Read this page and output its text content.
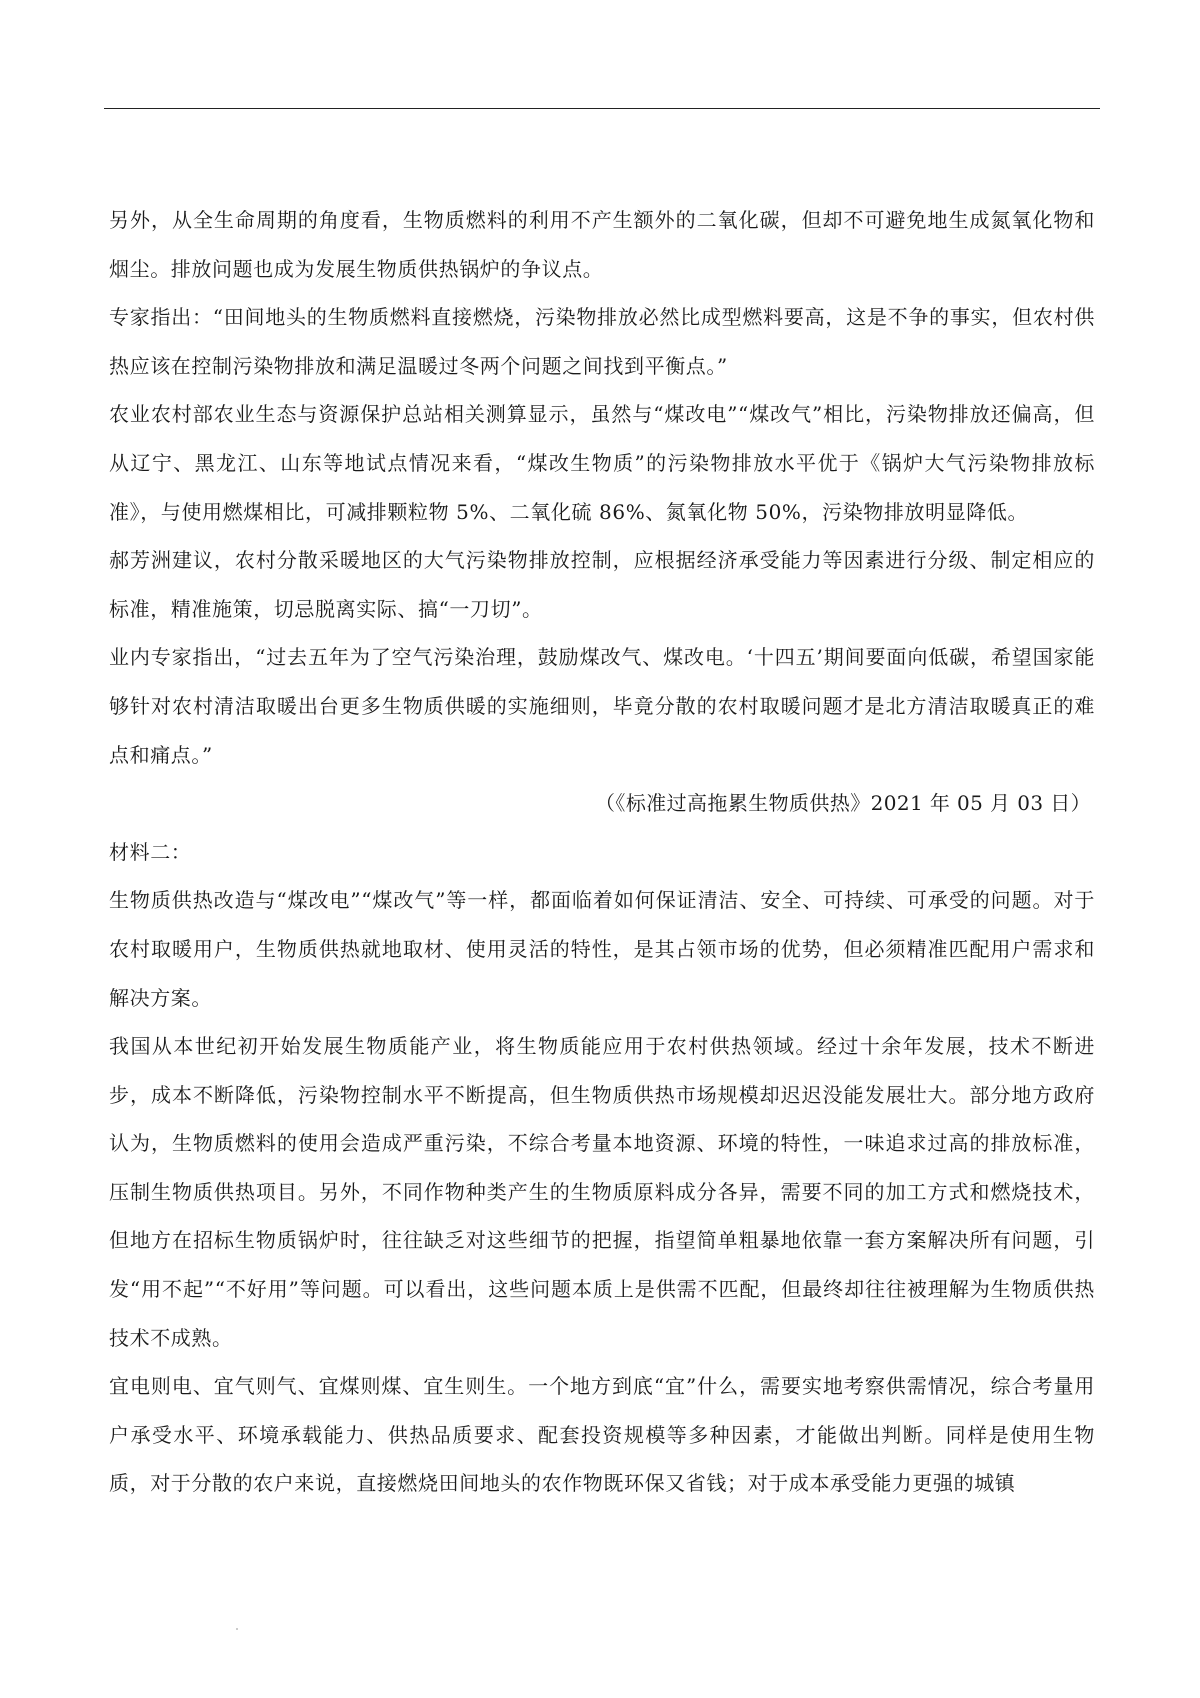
另外，从全生命周期的角度看，生物质燃料的利用不产生额外的二氧化碳，但却不可避免地生成氮氧化物和烟尘。排放问题也成为发展生物质供热锅炉的争议点。

专家指出：“田间地头的生物质燃料直接燃烧，污染物排放必然比成型燃料要高，这是不争的事实，但农村供热应该在控制污染物排放和满足温暖过冬两个问题之间找到平衡点。”

农业农村部农业生态与资源保护总站相关测算显示，虽然与“煤改电”“煤改气”相比，污染物排放还偏高，但从辽宁、黑龙江、山东等地试点情况来看，“煤改生物质”的污染物排放水平优于《锅炉大气污染物排放标准》，与使用燃煤相比，可减排颗粒物 5%、二氧化硫 86%、氮氧化物 50%，污染物排放明显降低。

郝芳洲建议，农村分散采暖地区的大气污染物排放控制，应根据经济承受能力等因素进行分级、制定相应的标准，精准施策，切忌脱离实际、搞“一刀切”。

业内专家指出，“过去五年为了空气污染治理，鼓励煤改气、煤改电。‘十四五’期间要面向低碳，希望国家能够针对农村清洁取暖出台更多生物质供暖的实施细则，毕竟分散的农村取暖问题才是北方清洁取暖真正的难点和痛点。”

（《标准过高拖累生物质供热》2021 年 05 月 03 日）

材料二：

生物质供热改造与“煤改电”“煤改气”等一样，都面临着如何保证清洁、安全、可持续、可承受的问题。对于农村取暖用户，生物质供热就地取材、使用灵活的特性，是其占领市场的优势，但必须精准匹配用户需求和解决方案。

我国从本世纪初开始发展生物质能产业，将生物质能应用于农村供热领域。经过十余年发展，技术不断进步，成本不断降低，污染物控制水平不断提高，但生物质供热市场规模却迟迟没能发展壮大。部分地方政府认为，生物质燃料的使用会造成严重污染，不综合考量本地资源、环境的特性，一味追求过高的排放标准，压制生物质供热项目。另外，不同作物种类产生的生物质原料成分各异，需要不同的加工方式和燃烧技术，但地方在招标生物质锅炉时，往往缺乏对这些细节的把握，指望简单粗暴地依靠一套方案解决所有问题，引发“用不起”“不好用”等问题。可以看出，这些问题本质上是供需不匹配，但最终却往往被理解为生物质供热技术不成熟。

宜电则电、宜气则气、宜煤则煤、宜生则生。一个地方到底“宜”什么，需要实地考察供需情况，综合考量用户承受水平、环境承载能力、供热品质要求、配套投资规模等多种因素，才能做出判断。同样是使用生物质，对于分散的农户来说，直接燃烧田间地头的农作物既环保又省钱；对于成本承受能力更强的城镇
